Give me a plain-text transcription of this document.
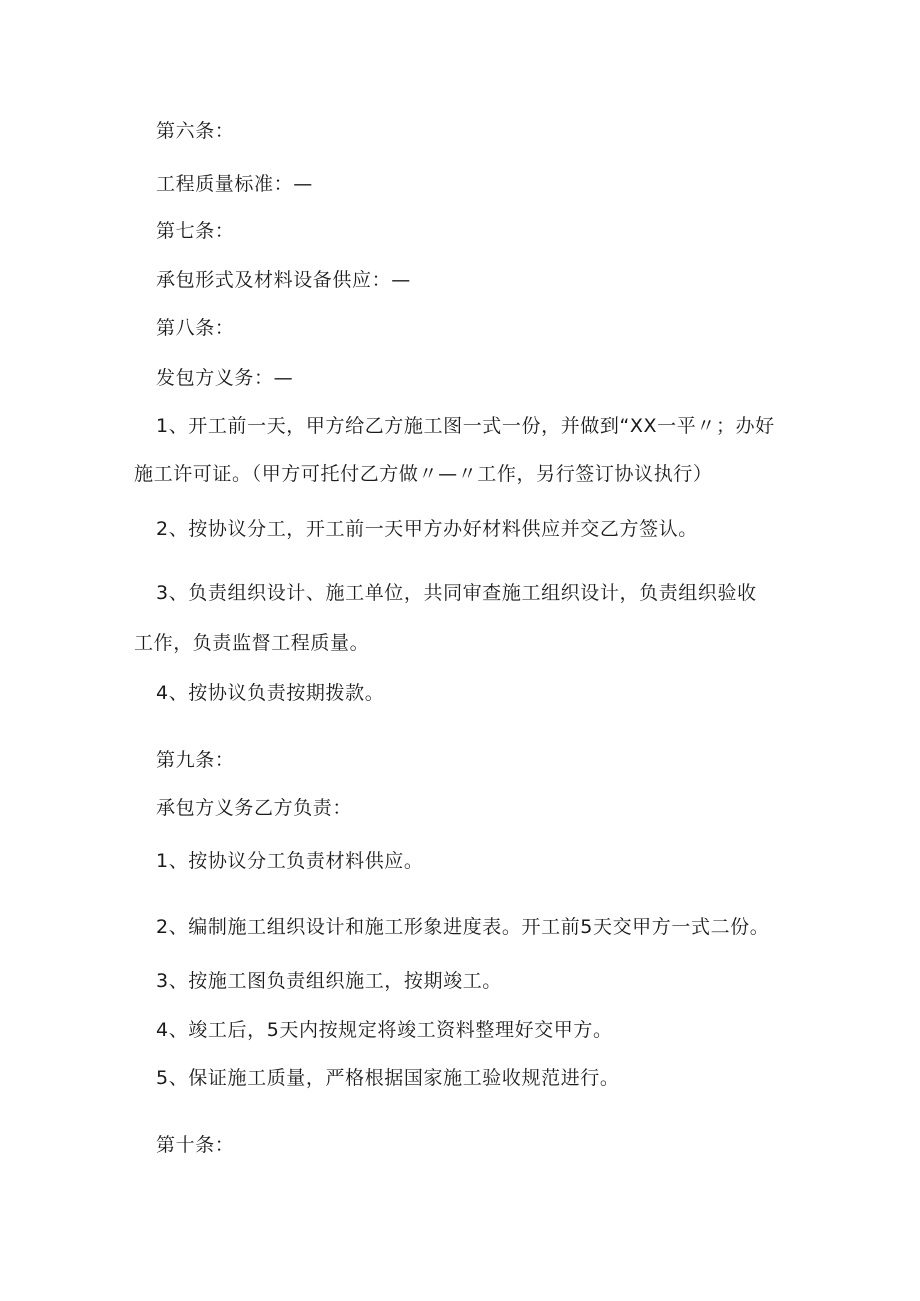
第六条：
工程质量标准：—
第七条：
承包形式及材料设备供应：—
第八条：
发包方义务：—
1、开工前一天，甲方给乙方施工图一式一份，并做到“XX一平〃；办好
施工许可证。（甲方可托付乙方做〃—〃工作，另行签订协议执行）
2、按协议分工，开工前一天甲方办好材料供应并交乙方签认。
3、负责组织设计、施工单位，共同审查施工组织设计，负责组织验收
工作，负责监督工程质量。
4、按协议负责按期拨款。
第九条：
承包方义务乙方负责：
1、按协议分工负责材料供应。
2、编制施工组织设计和施工形象进度表。开工前5天交甲方一式二份。
3、按施工图负责组织施工，按期竣工。
4、竣工后，5天内按规定将竣工资料整理好交甲方。
5、保证施工质量，严格根据国家施工验收规范进行。
第十条：
